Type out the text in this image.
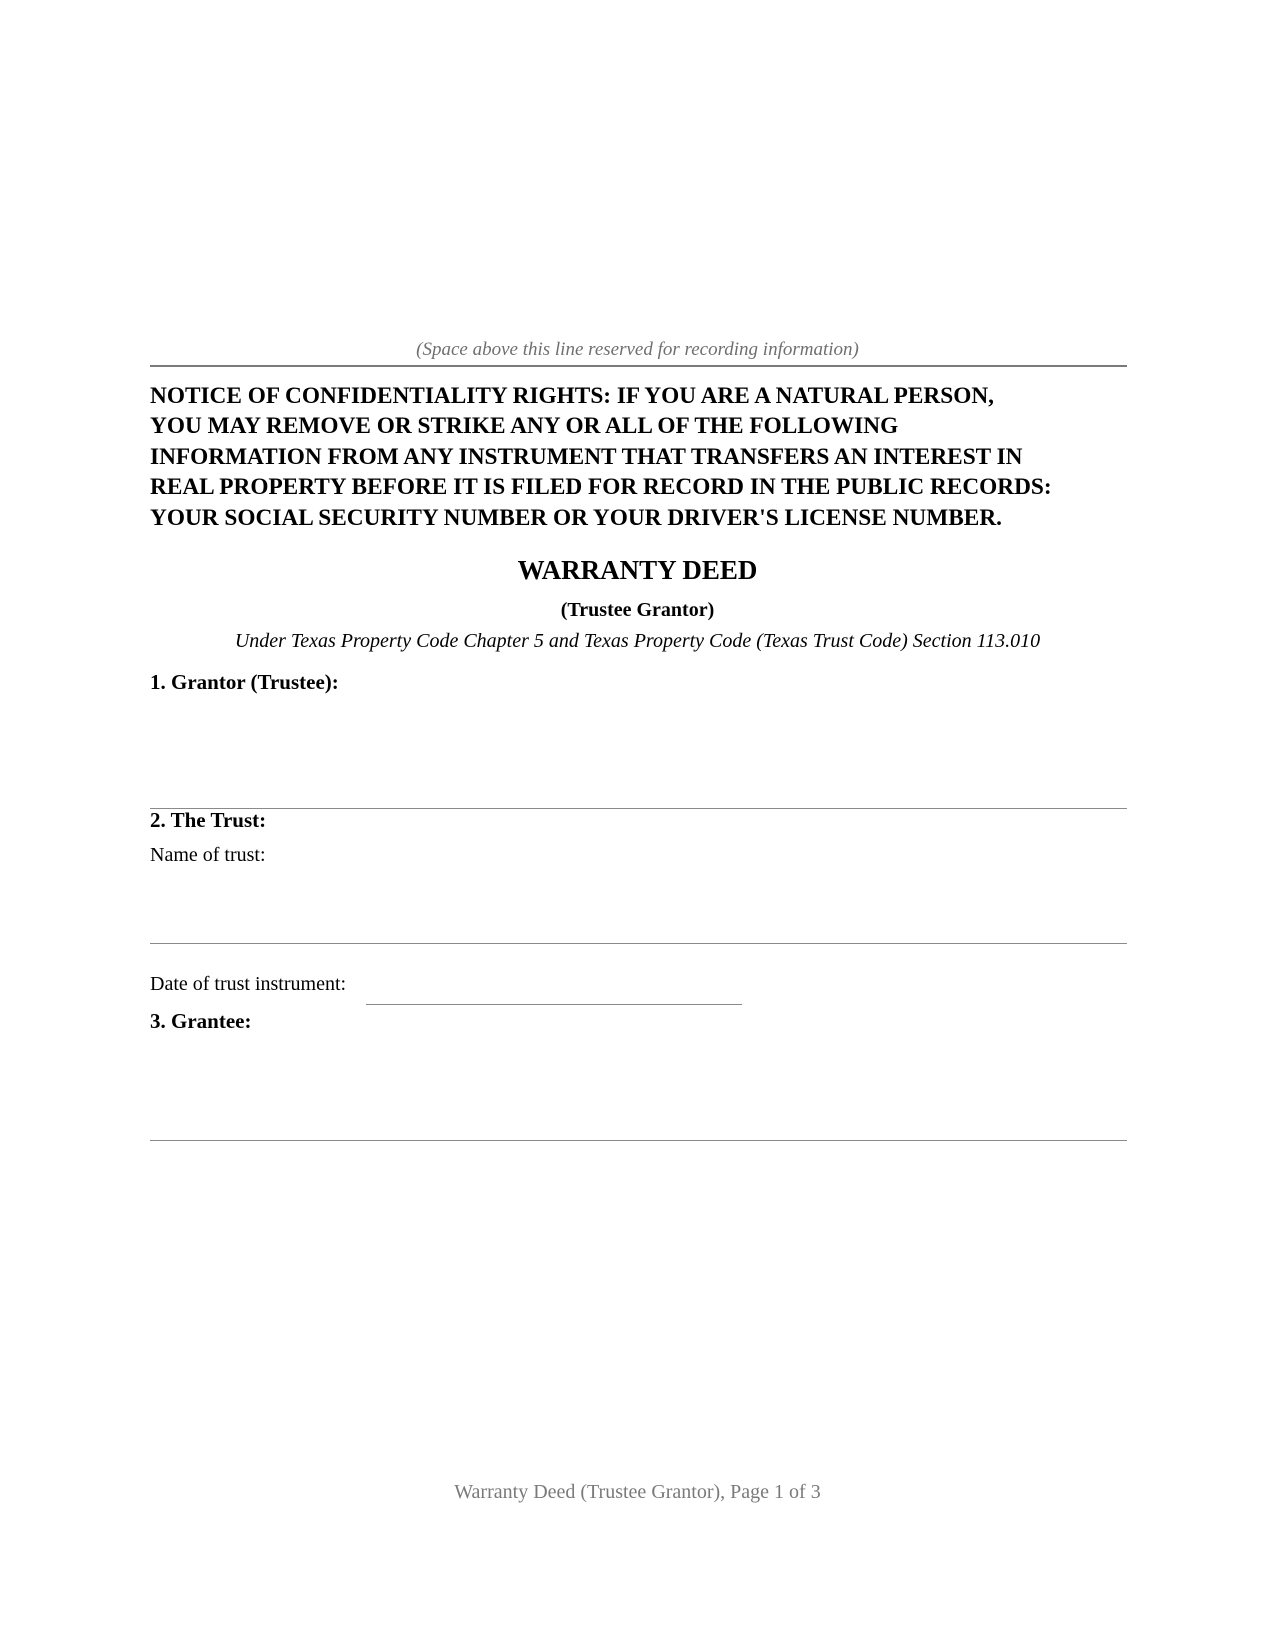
(Space above this line reserved for recording information)
NOTICE OF CONFIDENTIALITY RIGHTS: IF YOU ARE A NATURAL PERSON,
YOU MAY REMOVE OR STRIKE ANY OR ALL OF THE FOLLOWING
INFORMATION FROM ANY INSTRUMENT THAT TRANSFERS AN INTEREST IN
REAL PROPERTY BEFORE IT IS FILED FOR RECORD IN THE PUBLIC RECORDS:
YOUR SOCIAL SECURITY NUMBER OR YOUR DRIVER'S LICENSE NUMBER.
WARRANTY DEED
(Trustee Grantor)
Under Texas Property Code Chapter 5 and Texas Property Code (Texas Trust Code) Section 113.010
1. Grantor (Trustee):
2. The Trust:
Name of trust:
Date of trust instrument:
3. Grantee:
Warranty Deed (Trustee Grantor), Page 1 of 3
